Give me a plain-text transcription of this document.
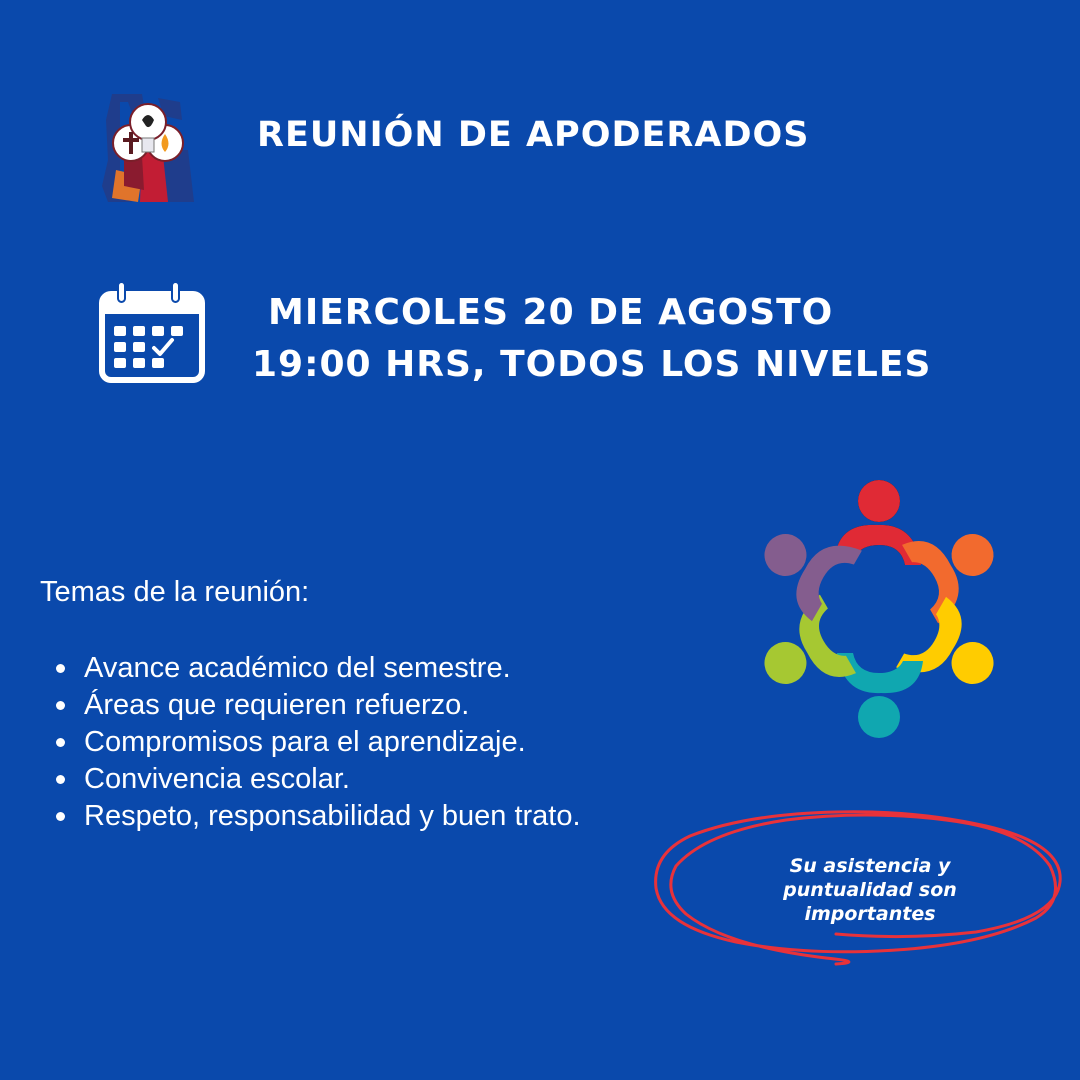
REUNIÓN DE APODERADOS
MIERCOLES 20 DE AGOSTO
19:00 HRS, TODOS LOS NIVELES
Temas de la reunión:
Avance académico del semestre.
Áreas que requieren refuerzo.
Compromisos para el aprendizaje.
Convivencia escolar.
Respeto, responsabilidad y buen trato.
Su asistencia y
puntualidad son
importantes
